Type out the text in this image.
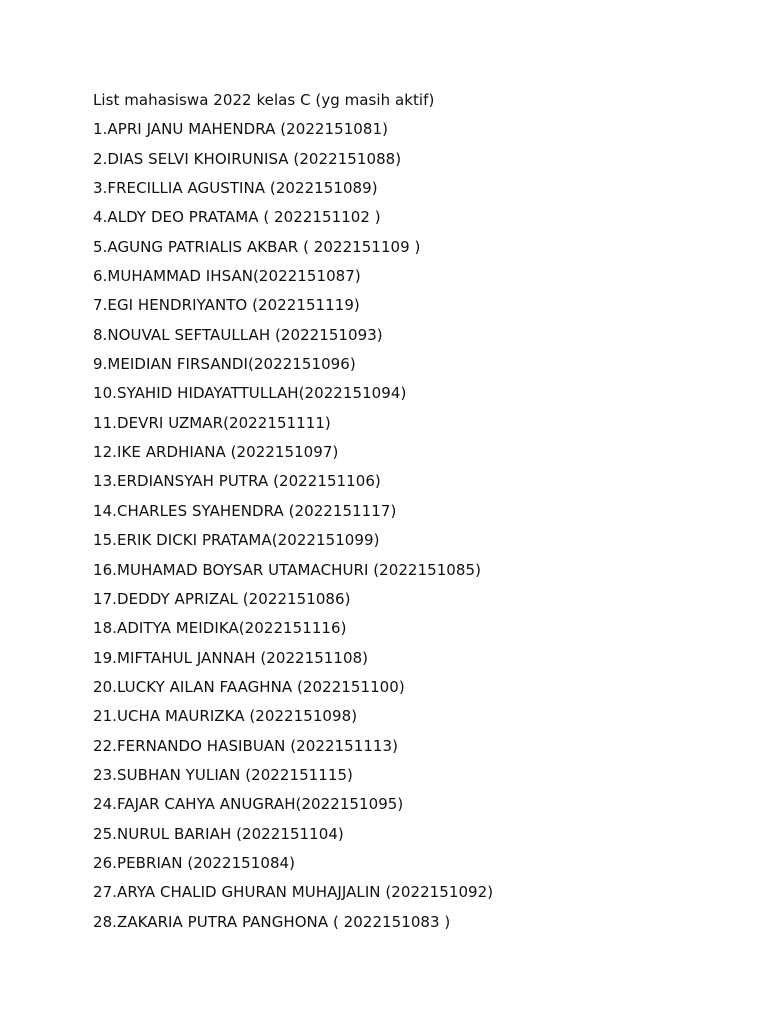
List mahasiswa 2022 kelas C (yg masih aktif)
1.APRI JANU MAHENDRA (2022151081)
2.DIAS SELVI KHOIRUNISA (2022151088)
3.FRECILLIA AGUSTINA (2022151089)
4.ALDY DEO PRATAMA ( 2022151102 )
5.AGUNG PATRIALIS AKBAR ( 2022151109 )
6.MUHAMMAD IHSAN(2022151087)
7.EGI HENDRIYANTO (2022151119)
8.NOUVAL SEFTAULLAH (2022151093)
9.MEIDIAN FIRSANDI(2022151096)
10.SYAHID HIDAYATTULLAH(2022151094)
11.DEVRI UZMAR(2022151111)
12.IKE ARDHIANA (2022151097)
13.ERDIANSYAH PUTRA (2022151106)
14.CHARLES SYAHENDRA (2022151117)
15.ERIK DICKI PRATAMA(2022151099)
16.MUHAMAD BOYSAR UTAMACHURI (2022151085)
17.DEDDY APRIZAL (2022151086)
18.ADITYA MEIDIKA(2022151116)
19.MIFTAHUL JANNAH (2022151108)
20.LUCKY AILAN FAAGHNA (2022151100)
21.UCHA MAURIZKA (2022151098)
22.FERNANDO HASIBUAN (2022151113)
23.SUBHAN YULIAN (2022151115)
24.FAJAR CAHYA ANUGRAH(2022151095)
25.NURUL BARIAH (2022151104)
26.PEBRIAN (2022151084)
27.ARYA CHALID GHURAN MUHAJJALIN (2022151092)
28.ZAKARIA PUTRA PANGHONA ( 2022151083 )
